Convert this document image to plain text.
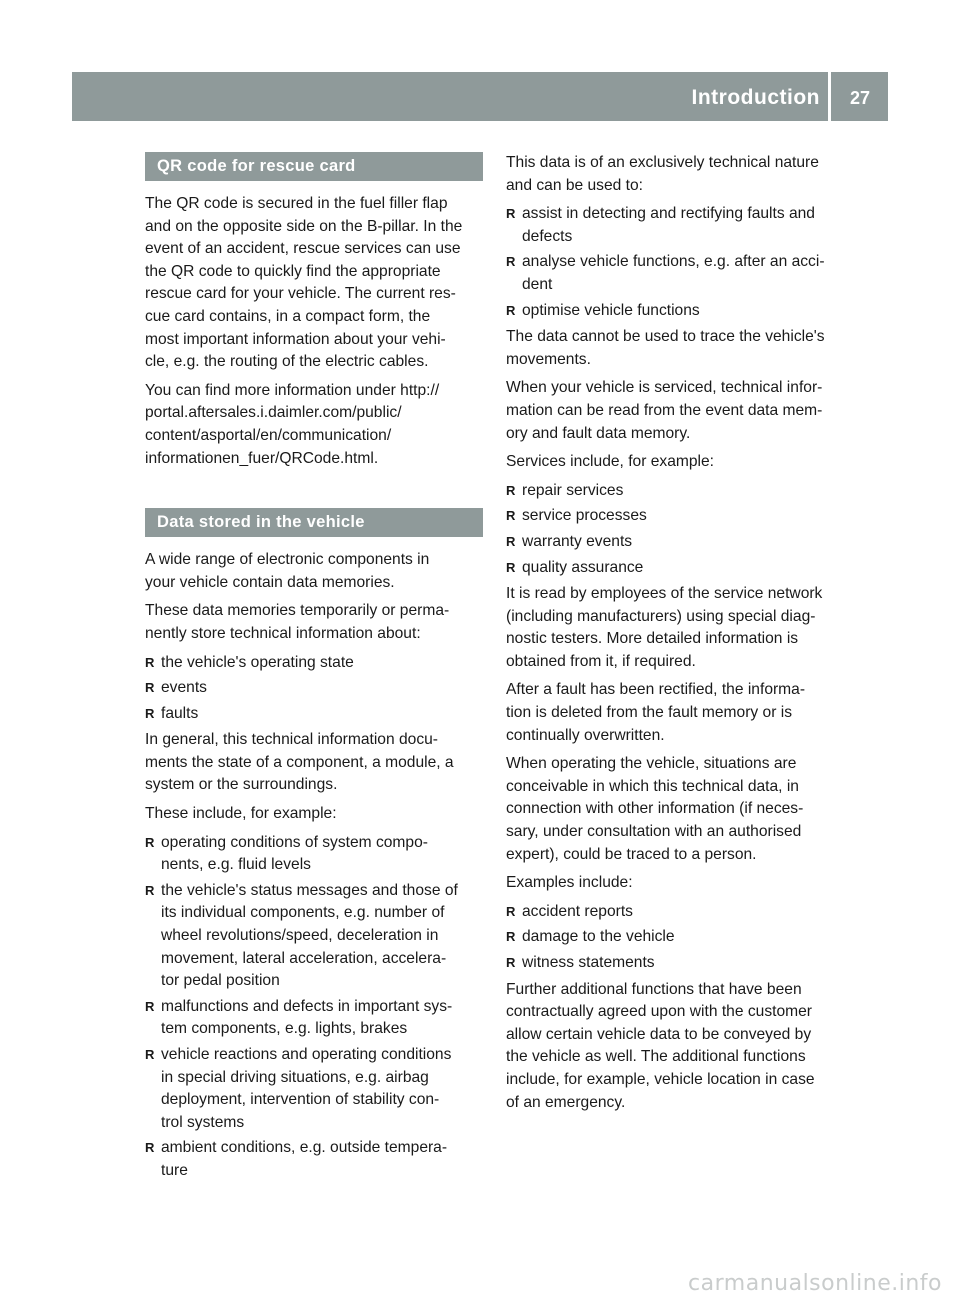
Introduction 27
QR code for rescue card

The QR code is secured in the fuel filler flap
and on the opposite side on the B-pillar. In the
event of an accident, rescue services can use
the QR code to quickly find the appropriate
rescue card for your vehicle. The current res-
cue card contains, in a compact form, the
most important information about your vehi-
cle, e.g. the routing of the electric cables.

You can find more information under http://
portal.aftersales.i.daimler.com/public/
content/asportal/en/communication/
informationen_fuer/QRCode.html.

Data stored in the vehicle

A wide range of electronic components in
your vehicle contain data memories.

These data memories temporarily or perma-
nently store technical information about:

R the vehicle's operating state
R events
R faults

In general, this technical information docu-
ments the state of a component, a module, a
system or the surroundings.

These include, for example:

R operating conditions of system compo-
nents, e.g. fluid levels
R the vehicle's status messages and those of
its individual components, e.g. number of
wheel revolutions/speed, deceleration in
movement, lateral acceleration, accelera-
tor pedal position
R malfunctions and defects in important sys-
tem components, e.g. lights, brakes
R vehicle reactions and operating conditions
in special driving situations, e.g. airbag
deployment, intervention of stability con-
trol systems
R ambient conditions, e.g. outside tempera-
ture

This data is of an exclusively technical nature
and can be used to:

R assist in detecting and rectifying faults and
defects
R analyse vehicle functions, e.g. after an acci-
dent
R optimise vehicle functions

The data cannot be used to trace the vehicle's
movements.

When your vehicle is serviced, technical infor-
mation can be read from the event data mem-
ory and fault data memory.

Services include, for example:

R repair services
R service processes
R warranty events
R quality assurance

It is read by employees of the service network
(including manufacturers) using special diag-
nostic testers. More detailed information is
obtained from it, if required.

After a fault has been rectified, the informa-
tion is deleted from the fault memory or is
continually overwritten.

When operating the vehicle, situations are
conceivable in which this technical data, in
connection with other information (if neces-
sary, under consultation with an authorised
expert), could be traced to a person.

Examples include:

R accident reports
R damage to the vehicle
R witness statements

Further additional functions that have been
contractually agreed upon with the customer
allow certain vehicle data to be conveyed by
the vehicle as well. The additional functions
include, for example, vehicle location in case
of an emergency.

carmanualsonline.info
